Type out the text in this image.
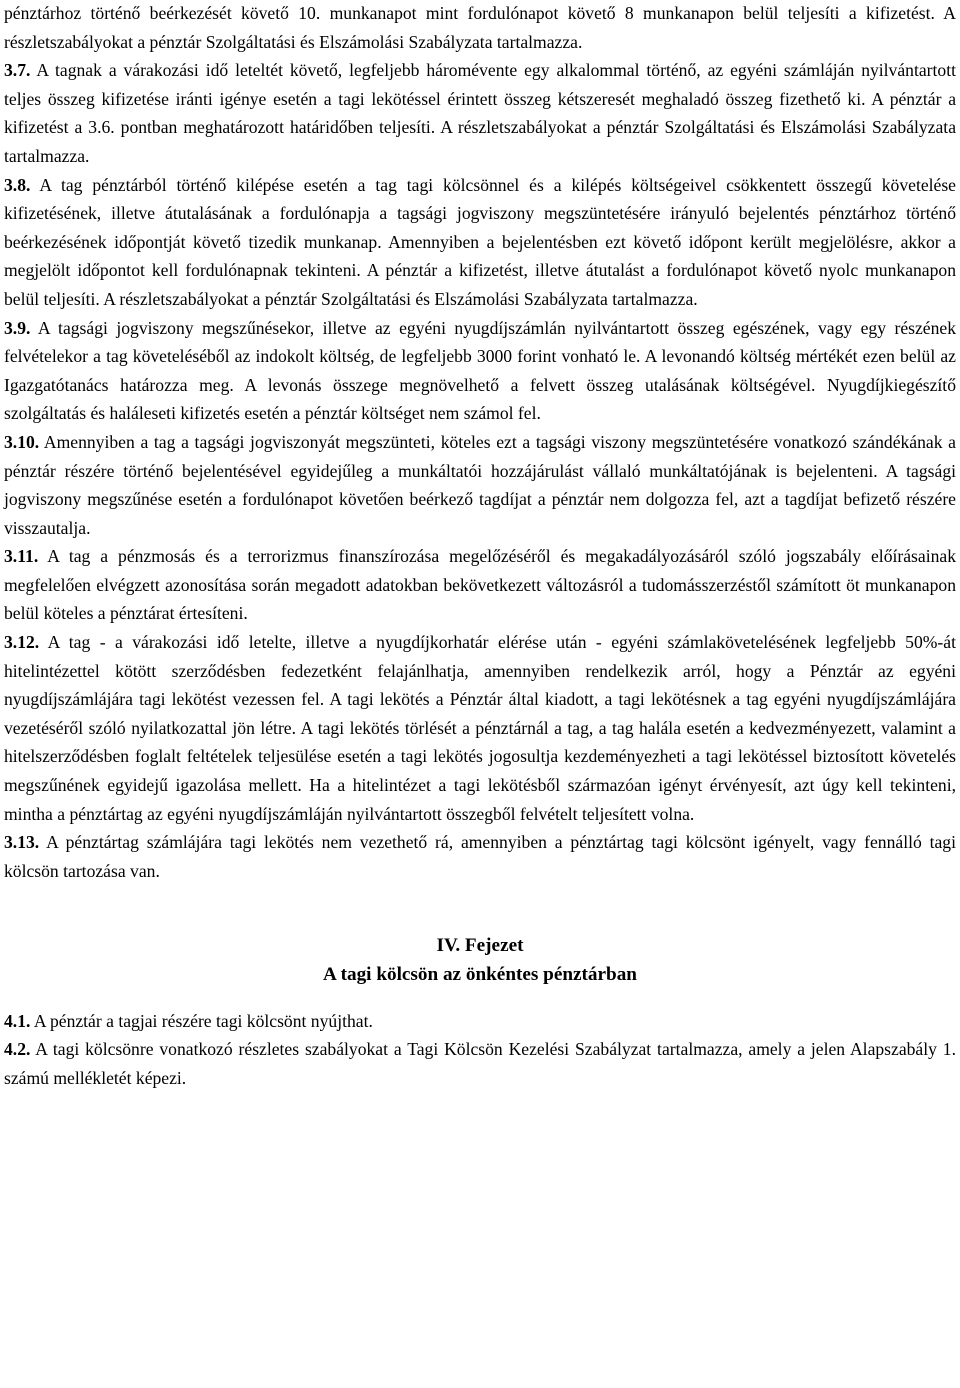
pénztárhoz történő beérkezését követő 10. munkanapot mint fordulónapot követő 8 munkanapon belül teljesíti a kifizetést. A részletszabályokat a pénztár Szolgáltatási és Elszámolási Szabályzata tartalmazza.

3.7. A tagnak a várakozási idő leteltét követő, legfeljebb háromévente egy alkalommal történő, az egyéni számláján nyilvántartott teljes összeg kifizetése iránti igénye esetén a tagi lekötéssel érintett összeg kétszeresét meghaladó összeg fizethető ki. A pénztár a kifizetést a 3.6. pontban meghatározott határidőben teljesíti. A részletszabályokat a pénztár Szolgáltatási és Elszámolási Szabályzata tartalmazza.

3.8. A tag pénztárból történő kilépése esetén a tag tagi kölcsönnel és a kilépés költségeivel csökkentett összegű követelése kifizetésének, illetve átutalásának a fordulónapja a tagsági jogviszony megszüntetésére irányuló bejelentés pénztárhoz történő beérkezésének időpontját követő tizedik munkanap. Amennyiben a bejelentésben ezt követő időpont került megjelölésre, akkor a megjelölt időpontot kell fordulónapnak tekinteni. A pénztár a kifizetést, illetve átutalást a fordulónapot követő nyolc munkanapon belül teljesíti. A részletszabályokat a pénztár Szolgáltatási és Elszámolási Szabályzata tartalmazza.

3.9. A tagsági jogviszony megszűnésekor, illetve az egyéni nyugdíjszámlán nyilvántartott összeg egészének, vagy egy részének felvételekor a tag követeléséből az indokolt költség, de legfeljebb 3000 forint vonható le. A levonandó költség mértékét ezen belül az Igazgatótanács határozza meg. A levonás összege megnövelhető a felvett összeg utalásának költségével. Nyugdíjkiegészítő szolgáltatás és haláleseti kifizetés esetén a pénztár költséget nem számol fel.

3.10. Amennyiben a tag a tagsági jogviszonyát megszünteti, köteles ezt a tagsági viszony megszüntetésére vonatkozó szándékának a pénztár részére történő bejelentésével egyidejűleg a munkáltatói hozzájárulást vállaló munkáltatójának is bejelenteni. A tagsági jogviszony megszűnése esetén a fordulónapot követően beérkező tagdíjat a pénztár nem dolgozza fel, azt a tagdíjat befizető részére visszautalja.

3.11. A tag a pénzmosás és a terrorizmus finanszírozása megelőzéséről és megakadályozásáról szóló jogszabály előírásainak megfelelően elvégzett azonosítása során megadott adatokban bekövetkezett változásról a tudomásszerzéstől számított öt munkanapon belül köteles a pénztárat értesíteni.

3.12. A tag - a várakozási idő letelte, illetve a nyugdíjkorhatár elérése után - egyéni számlakövetelésének legfeljebb 50%-át hitelintézettel kötött szerződésben fedezetként felajánlhatja, amennyiben rendelkezik arról, hogy a Pénztár az egyéni nyugdíjszámlájára tagi lekötést vezessen fel. A tagi lekötés a Pénztár által kiadott, a tagi lekötésnek a tag egyéni nyugdíjszámlájára vezetéséről szóló nyilatkozattal jön létre. A tagi lekötés törlését a pénztárnál a tag, a tag halála esetén a kedvezményezett, valamint a hitelszerződésben foglalt feltételek teljesülése esetén a tagi lekötés jogosultja kezdeményezheti a tagi lekötéssel biztosított követelés megszűnének egyidejű igazolása mellett. Ha a hitelintézet a tagi lekötésből származóan igényt érvényesít, azt úgy kell tekinteni, mintha a pénztártag az egyéni nyugdíjszámláján nyilvántartott összegből felvételt teljesített volna.

3.13. A pénztártag számlájára tagi lekötés nem vezethető rá, amennyiben a pénztártag tagi kölcsönt igényelt, vagy fennálló tagi kölcsön tartozása van.

IV. Fejezet

A tagi kölcsön az önkéntes pénztárban

4.1. A pénztár a tagjai részére tagi kölcsönt nyújthat.

4.2. A tagi kölcsönre vonatkozó részletes szabályokat a Tagi Kölcsön Kezelési Szabályzat tartalmazza, amely a jelen Alapszabály 1. számú mellékletét képezi.
